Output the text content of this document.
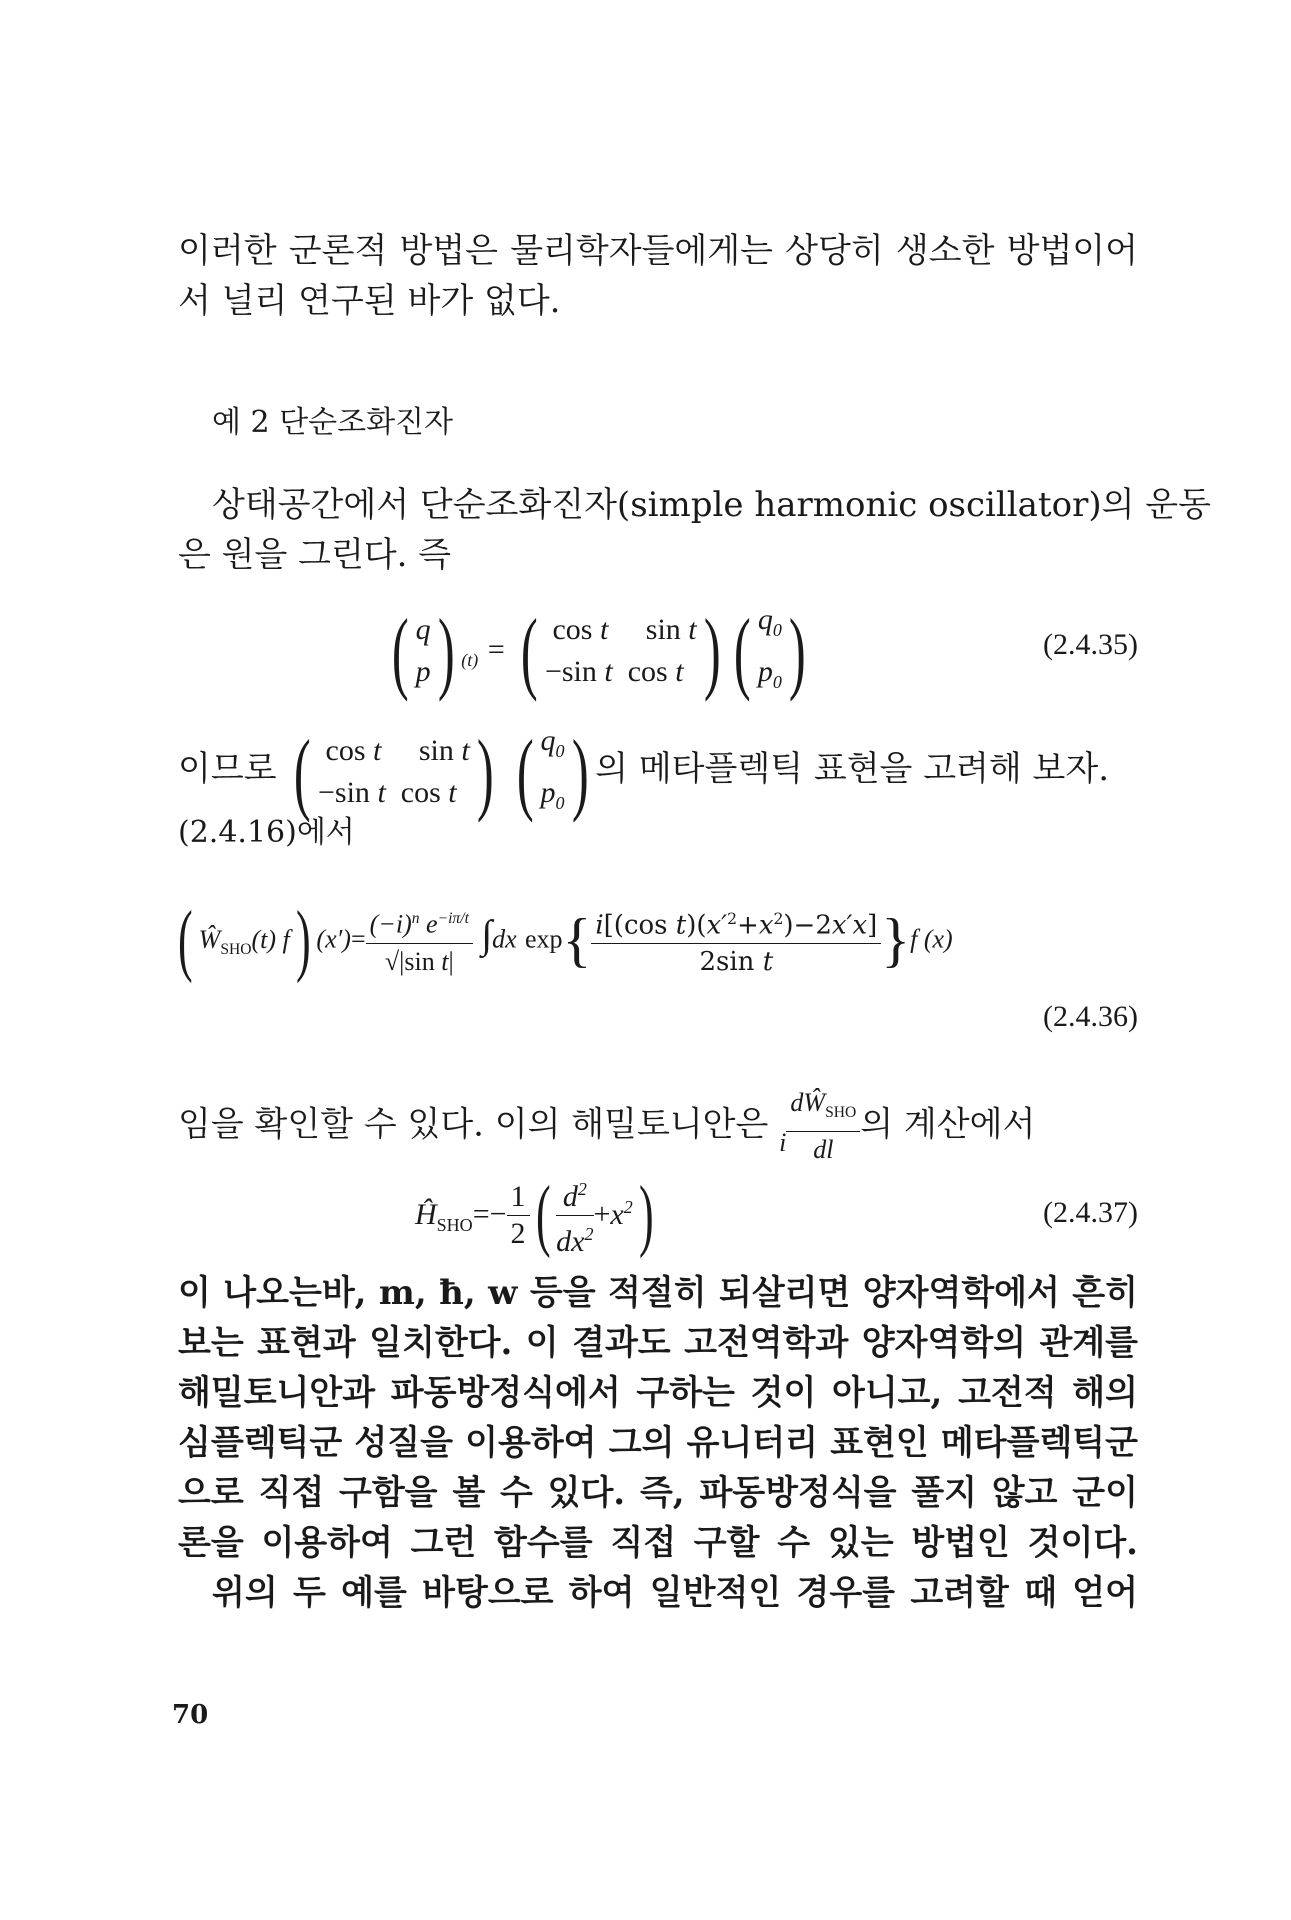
이러한 군론적 방법은 물리학자들에게는 상당히 생소한 방법이어
서 널리 연구된 바가 없다.
예 2 단순조화진자
상태공간에서 단순조화진자(simple harmonic oscillator)의 운동
은 원을 그린다. 즉
( q
p ) $_{(t)}$ = ( cos t     sin t
−sin t  cos t ) ( $q_0$
$p_0$ )	(2.4.35)
이므로 ( cos t     sin t
−sin t  cos t ) ( $q_0$
$p_0$ ) 의 메타플렉틱 표현을 고려해 보자.
(2.4.16)에서
( $Ŵ_{SHO}(t)$ f) $(x')= \frac{(-i)^n e^{-i\pi/t}}{\text{√|sin t|}} \int dx$ $\exp\{ \frac{i[(\cos t)(x'^2+x^2)-2x'x]}{\text{2sin t}} \}f$ (x)
(2.4.36)
임을 확인할 수 있다. 이의 해밀토니안은 i $\frac{dŴ_{SHO}}{dl}$ 의 계산에서
$Ĥ_{SHO}=- \frac{1}{2}$ ( $\frac{d^2}{dx^2} +x^2$)	(2.4.37)
이 나오는바, m, ħ, w 등을 적절히 되살리면 양자역학에서 흔히
보는 표현과 일치한다. 이 결과도 고전역학과 양자역학의 관계를
해밀토니안과 파동방정식에서 구하는 것이 아니고, 고전적 해의
심플렉틱군 성질을 이용하여 그의 유니터리 표현인 메타플렉틱군
으로 직접 구함을 볼 수 있다. 즉, 파동방정식을 풀지 않고 군이
론을 이용하여 그런 함수를 직접 구할 수 있는 방법인 것이다.
위의 두 예를 바탕으로 하여 일반적인 경우를 고려할 때 얻어
70
